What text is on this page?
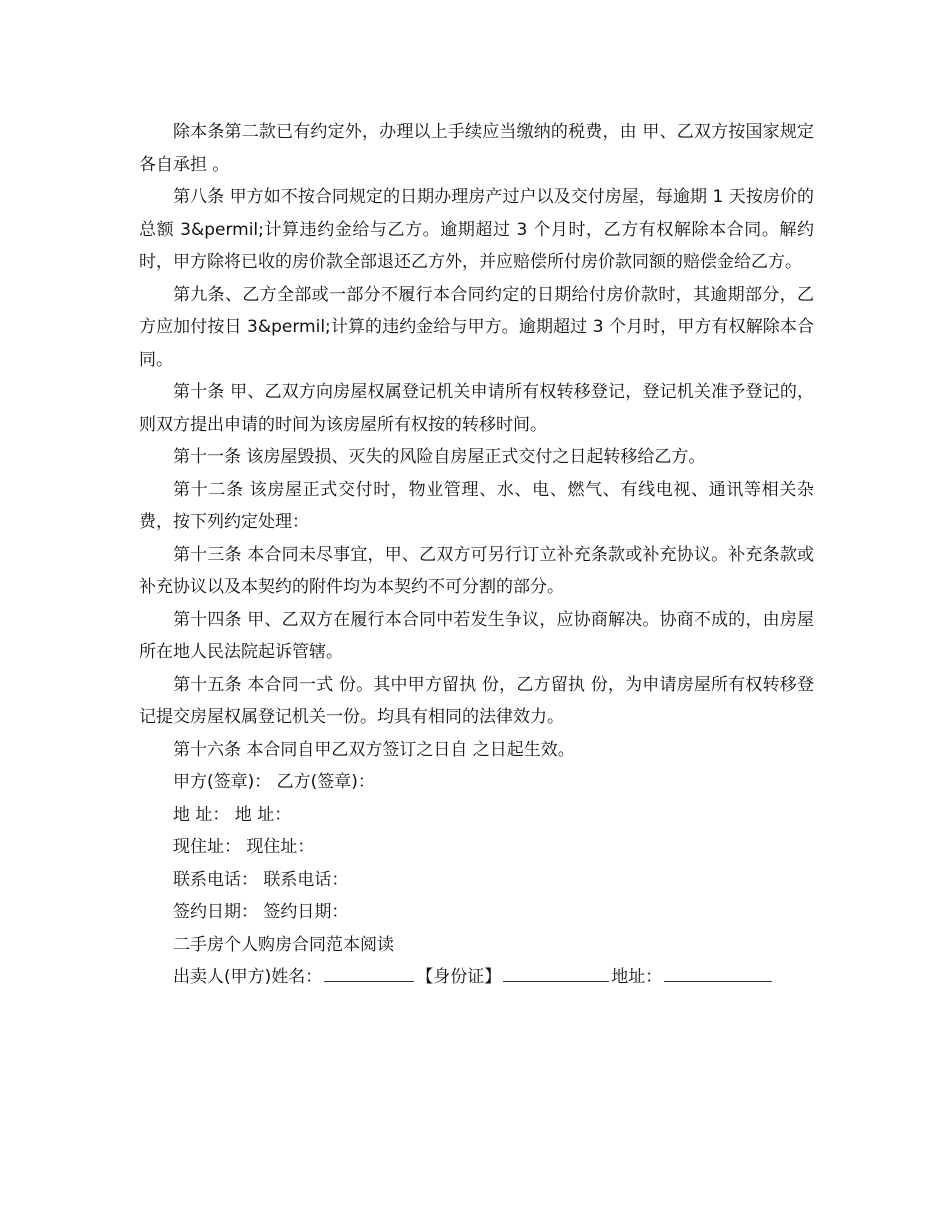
除本条第二款已有约定外，办理以上手续应当缴纳的税费，由 甲、乙双方按国家规定各自承担 。

第八条 甲方如不按合同规定的日期办理房产过户以及交付房屋，每逾期 1 天按房价的总额 3&permil;计算违约金给与乙方。逾期超过 3 个月时，乙方有权解除本合同。解约时，甲方除将已收的房价款全部退还乙方外，并应赔偿所付房价款同额的赔偿金给乙方。

第九条、乙方全部或一部分不履行本合同约定的日期给付房价款时，其逾期部分，乙方应加付按日 3&permil;计算的违约金给与甲方。逾期超过 3 个月时，甲方有权解除本合同。

第十条 甲、乙双方向房屋权属登记机关申请所有权转移登记，登记机关准予登记的，则双方提出申请的时间为该房屋所有权按的转移时间。

第十一条 该房屋毁损、灭失的风险自房屋正式交付之日起转移给乙方。

第十二条 该房屋正式交付时，物业管理、水、电、燃气、有线电视、通讯等相关杂费，按下列约定处理：

第十三条 本合同未尽事宜，甲、乙双方可另行订立补充条款或补充协议。补充条款或补充协议以及本契约的附件均为本契约不可分割的部分。

第十四条 甲、乙双方在履行本合同中若发生争议，应协商解决。协商不成的，由房屋所在地人民法院起诉管辖。

第十五条 本合同一式 份。其中甲方留执 份，乙方留执 份，为申请房屋所有权转移登记提交房屋权属登记机关一份。均具有相同的法律效力。

第十六条 本合同自甲乙双方签订之日自 之日起生效。

甲方(签章)： 乙方(签章)：

地 址： 地 址：

现住址： 现住址：

联系电话： 联系电话：

签约日期： 签约日期：

二手房个人购房合同范本阅读

出卖人(甲方)姓名：	【身份证】	地址：
